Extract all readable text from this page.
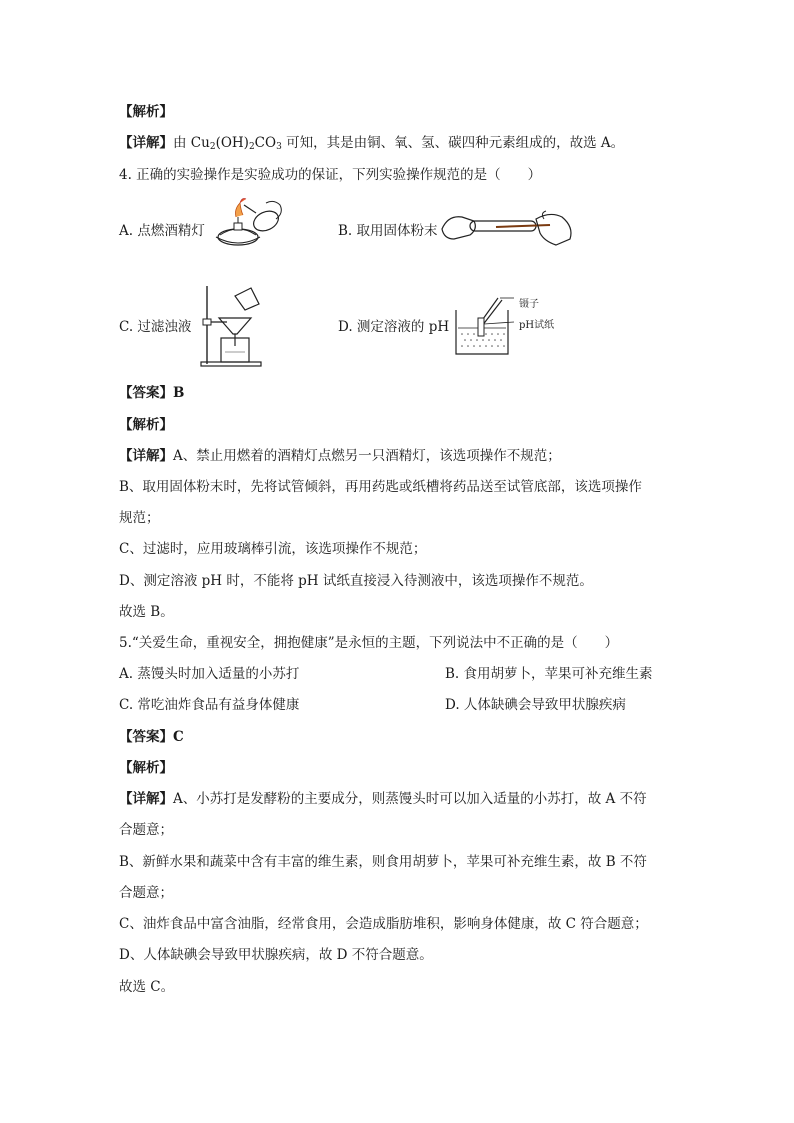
【解析】
【详解】由 $Cu_2(OH)_2CO_3$ 可知，其是由铜、氧、氢、碳四种元素组成的，故选 A。
4. 正确的实验操作是实验成功的保证，下列实验操作规范的是（　　）
A. 点燃酒精灯	B. 取用固体粉末
C. 过滤浊液	D. 测定溶液的 pH
镊子
pH试纸
【答案】B
【解析】
【详解】A、禁止用燃着的酒精灯点燃另一只酒精灯，该选项操作不规范；
B、取用固体粉末时，先将试管倾斜，再用药匙或纸槽将药品送至试管底部，该选项操作
规范；
C、过滤时，应用玻璃棒引流，该选项操作不规范；
D、测定溶液 pH 时，不能将 pH 试纸直接浸入待测液中，该选项操作不规范。
故选 B。
5.“关爱生命，重视安全，拥抱健康”是永恒的主题，下列说法中不正确的是（　　）
A. 蒸馒头时加入适量的小苏打	B. 食用胡萝卜，苹果可补充维生素
C. 常吃油炸食品有益身体健康	D. 人体缺碘会导致甲状腺疾病
【答案】C
【解析】
【详解】A、小苏打是发酵粉的主要成分，则蒸馒头时可以加入适量的小苏打，故 A 不符
合题意；
B、新鲜水果和蔬菜中含有丰富的维生素，则食用胡萝卜，苹果可补充维生素，故 B 不符
合题意；
C、油炸食品中富含油脂，经常食用，会造成脂肪堆积，影响身体健康，故 C 符合题意；
D、人体缺碘会导致甲状腺疾病，故 D 不符合题意。
故选 C。
